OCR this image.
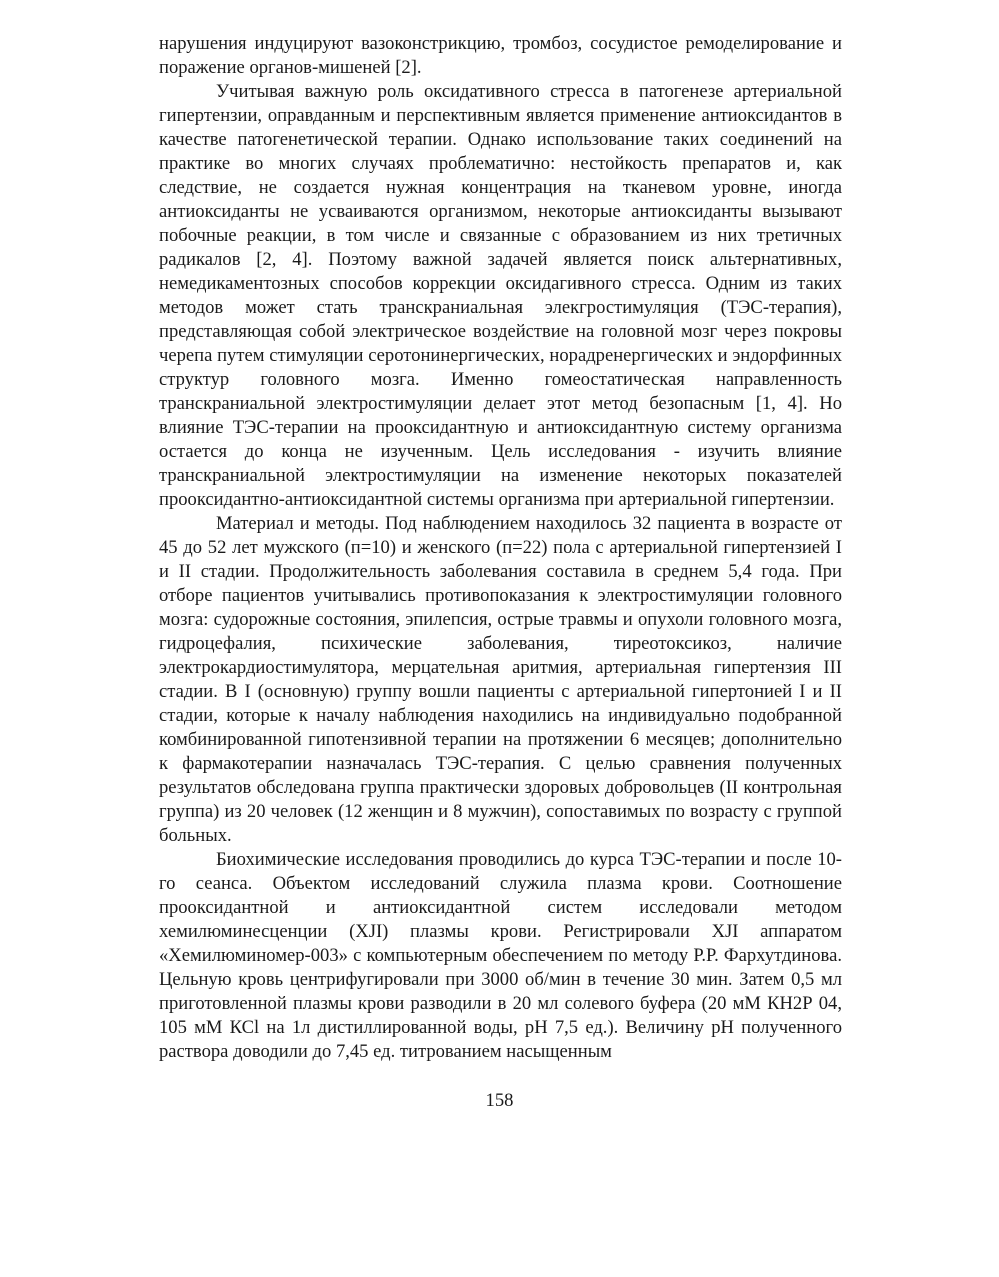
нарушения индуцируют вазоконстрикцию, тромбоз, сосудистое ремоделирование и поражение органов-мишеней [2].

Учитывая важную роль оксидативного стресса в патогенезе артериальной гипертензии, оправданным и перспективным является применение антиоксидантов в качестве патогенетической терапии. Однако использование таких соединений на практике во многих случаях проблематично: нестойкость препаратов и, как следствие, не создается нужная концентрация на тканевом уровне, иногда антиоксиданты не усваиваются организмом, некоторые антиоксиданты вызывают побочные реакции, в том числе и связанные с образованием из них третичных радикалов [2, 4]. Поэтому важной задачей является поиск альтернативных, немедикаментозных способов коррекции оксидагивного стресса. Одним из таких методов может стать транскраниальная элекгростимуляция (ТЭС-терапия), представляющая собой электрическое воздействие на головной мозг через покровы черепа путем стимуляции серотонинергических, норадренергических и эндорфинных структур головного мозга. Именно гомеостатическая направленность транскраниальной электростимуляции делает этот метод безопасным [1, 4]. Но влияние ТЭС-терапии на прооксидантную и антиоксидантную систему организма остается до конца не изученным. Цель исследования - изучить влияние транскраниальной электростимуляции на изменение некоторых показателей прооксидантно-антиоксидантной системы организма при артериальной гипертензии.

Материал и методы. Под наблюдением находилось 32 пациента в возрасте от 45 до 52 лет мужского (п=10) и женского (п=22) пола с артериальной гипертензией I и II стадии. Продолжительность заболевания составила в среднем 5,4 года. При отборе пациентов учитывались противопоказания к электростимуляции головного мозга: судорожные состояния, эпилепсия, острые травмы и опухоли головного мозга, гидроцефалия, психические заболевания, тиреотоксикоз, наличие электрокардиостимулятора, мерцательная аритмия, артериальная гипертензия III стадии. В I (основную) группу вошли пациенты с артериальной гипертонией I и II стадии, которые к началу наблюдения находились на индивидуально подобранной комбинированной гипотензивной терапии на протяжении 6 месяцев; дополнительно к фармакотерапии назначалась ТЭС-терапия. С целью сравнения полученных результатов обследована группа практически здоровых добровольцев (II контрольная группа) из 20 человек (12 женщин и 8 мужчин), сопоставимых по возрасту с группой больных.

Биохимические исследования проводились до курса ТЭС-терапии и после 10-го сеанса. Объектом исследований служила плазма крови. Соотношение прооксидантной и антиоксидантной систем исследовали методом хемилюминесценции (XJI) плазмы крови. Регистрировали XJI аппаратом «Хемилюминомер-003» с компьютерным обеспечением по методу Р.Р. Фархутдинова. Цельную кровь центрифугировали при 3000 об/мин в течение 30 мин. Затем 0,5 мл приготовленной плазмы крови разводили в 20 мл солевого буфера (20 мМ КН2Р 04, 105 мМ КСl на 1л дистиллированной воды, рН 7,5 ед.). Величину рН полученного раствора доводили до 7,45 ед. титрованием насыщенным

158
